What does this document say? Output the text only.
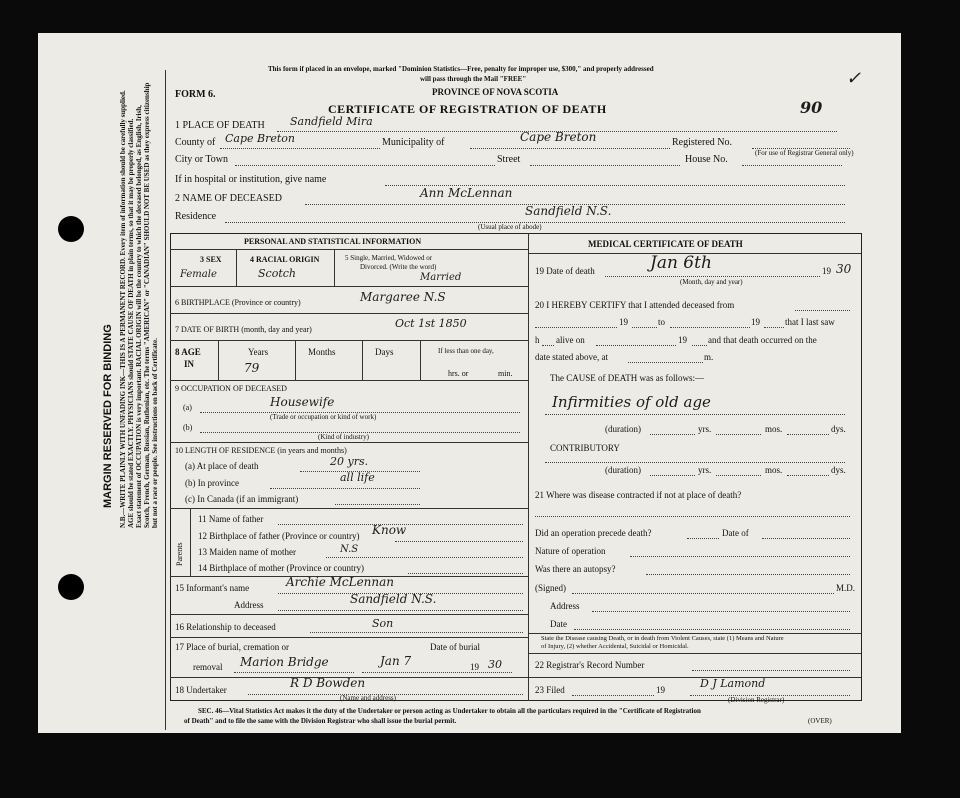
MARGIN RESERVED FOR BINDING N.B.—WRITE PLAINLY WITH UNFADING INK—THIS IS A PERMANENT RECORD. Every item of information should be carefully supplied. AGE should be stated EXACTLY. PHYSICIANS should STATE CAUSE OF DEATH in plain terms, so that it may be properly classified. Exact statement of OCCUPATION is very important. RACIAL ORIGIN will be the country to which the deceased belonged, as English, Irish, Scotch, French, German, Russian, Ruthenian, etc. The terms "AMERICAN" or "CANADIAN" SHOULD NOT BE USED as they express citizenship but not a race or people. See instructions on back of Certificate.
This form if placed in an envelope, marked "Dominion Statistics—Free, penalty for improper use, $300," and properly addressed
will pass through the Mail "FREE"
PROVINCE OF NOVA SCOTIA
FORM 6.
CERTIFICATE OF REGISTRATION OF DEATH	90
✓
1 PLACE OF DEATH Sandfield Mira
County of Cape Breton	Municipality of	Cape Breton	Registered No.
(For use of Registrar General only)
City or Town	Street	House No.
If in hospital or institution, give name
2 NAME OF DECEASED	Ann McLennan
Residence	Sandfield N.S.
(Usual place of abode)
PERSONAL AND STATISTICAL INFORMATION
3 SEX
Female
4 RACIAL ORIGIN
Scotch
5 Single, Married, Widowed or
Divorced. (Write the word)
Married
6 BIRTHPLACE (Province or country)	Margaree N.S
7 DATE OF BIRTH (month, day and year)	Oct 1st 1850
8 AGE
IN
Years
79
Months	Days	If less than one day,
hrs. or	min.
9 OCCUPATION OF DECEASED
(a)	Housewife
(Trade or occupation or kind of work)
(b)
(Kind of industry)
10 LENGTH OF RESIDENCE (in years and months)
(a) At place of death	20 yrs.
(b) In province	all life
(c) In Canada (if an immigrant)
Parents
11 Name of father
12 Birthplace of father (Province or country) Know
13 Maiden name of mother	N.S
14 Birthplace of mother (Province or country)
15 Informant's name	Archie McLennan
Address	Sandfield N.S.
16 Relationship to deceased	Son
17 Place of burial, cremation or	Date of burial
removal Marion Bridge	Jan 7	19 30
18 Undertaker	R D Bowden
(Name and address)
MEDICAL CERTIFICATE OF DEATH
19 Date of death	Jan 6th	19 30
(Month, day and year)
20 I HEREBY CERTIFY that I attended deceased from
19	to	19	that I last saw
h alive on	19 and that death occurred on the
date stated above, at	m.
The CAUSE of DEATH was as follows:—
Infirmities of old age
(duration)	yrs.	mos.	dys.
CONTRIBUTORY
(duration)	yrs.	mos.	dys.
21 Where was disease contracted if not at place of death?
Did an operation precede death?	Date of
Nature of operation
Was there an autopsy?
(Signed)	M.D.
Address
Date
State the Disease causing Death, or in death from Violent Causes, state (1) Means and Nature
of Injury, (2) whether Accidental, Suicidal or Homicidal.
22 Registrar's Record Number
23 Filed	19	D J Lamond
(Division Registrar)
SEC. 46—Vital Statistics Act makes it the duty of the Undertaker or person acting as Undertaker to obtain all the particulars required in the "Certificate of Registration
of Death" and to file the same with the Division Registrar who shall issue the burial permit.	(OVER)
